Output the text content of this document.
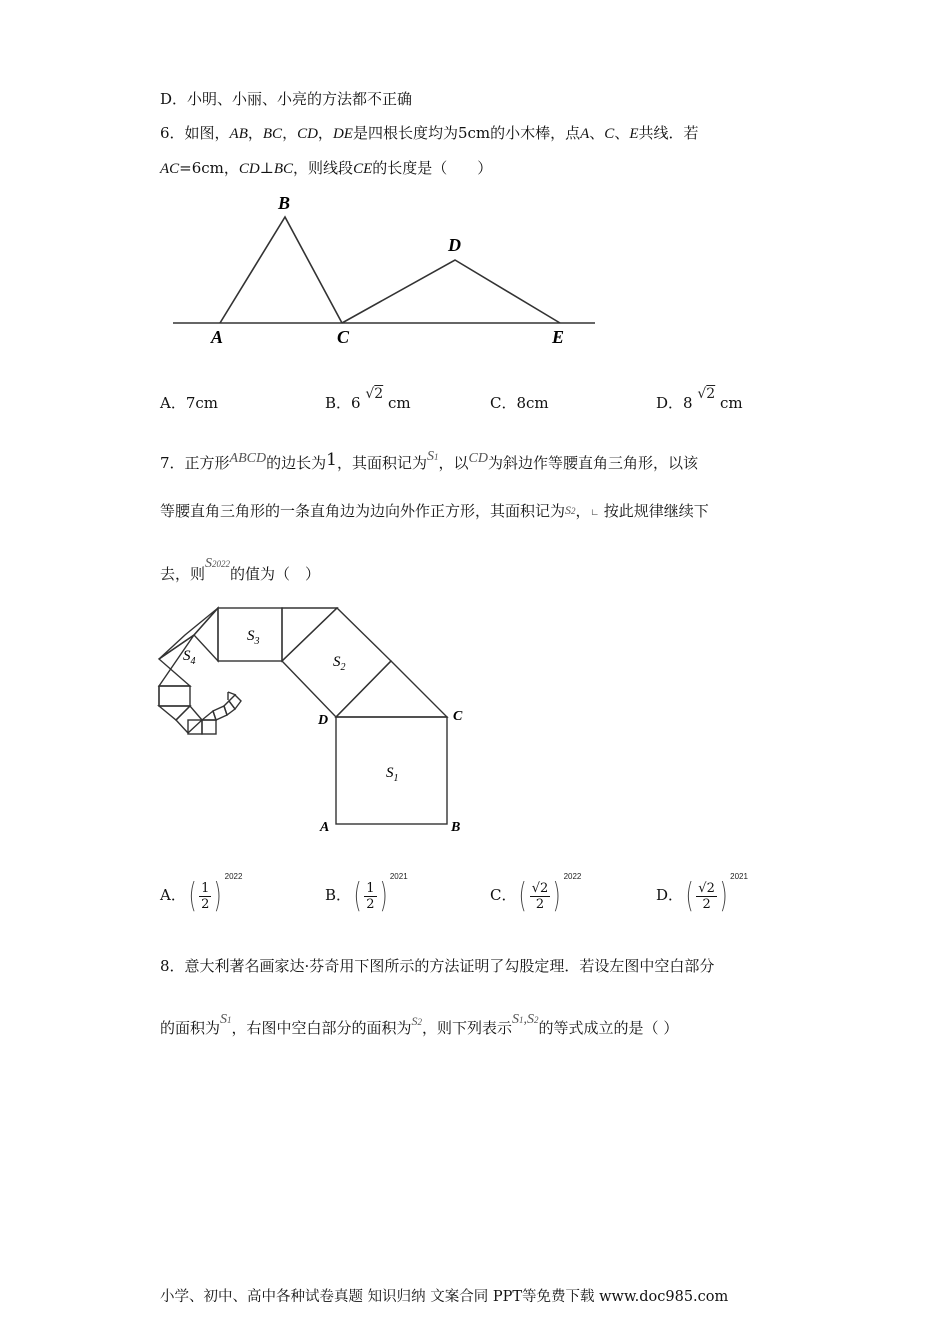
D．小明、小丽、小亮的方法都不正确
6．如图，AB，BC，CD，DE是四根长度均为5cm的小木棒，点A、C、E共线．若
AC=6cm，CD⊥BC，则线段CE的长度是（　　）
B
D
A	C	E
A．7cm	B．6 √2 cm	C．8cm	D．8 √2 cm
7．正方形ABCD的边长为1，其面积记为S1，以CD为斜边作等腰直角三角形，以该
等腰直角三角形的一条直角边为边向外作正方形，其面积记为S2，∟ 按此规律继续下
去，则S2022的值为（　）
$S_1$
$S_2$
$S_3$
$S_4$
D	C
A	B
A．( $\frac{1}{2}$ ) $^{2022}$
B．( $\frac{1}{2}$ ) $^{2021}$
C．( $\frac{√2}{2}$ ) $^{2022}$
D．( $\frac{√2}{2}$ ) $^{2021}$
8．意大利著名画家达·芬奇用下图所示的方法证明了勾股定理．若设左图中空白部分
的面积为S1，右图中空白部分的面积为$^{S2}$，则下列表示S1,S2的等式成立的是（ ）
小学、初中、高中各种试卷真题 知识归纳 文案合同 PPT等免费下载 www.doc985.com
